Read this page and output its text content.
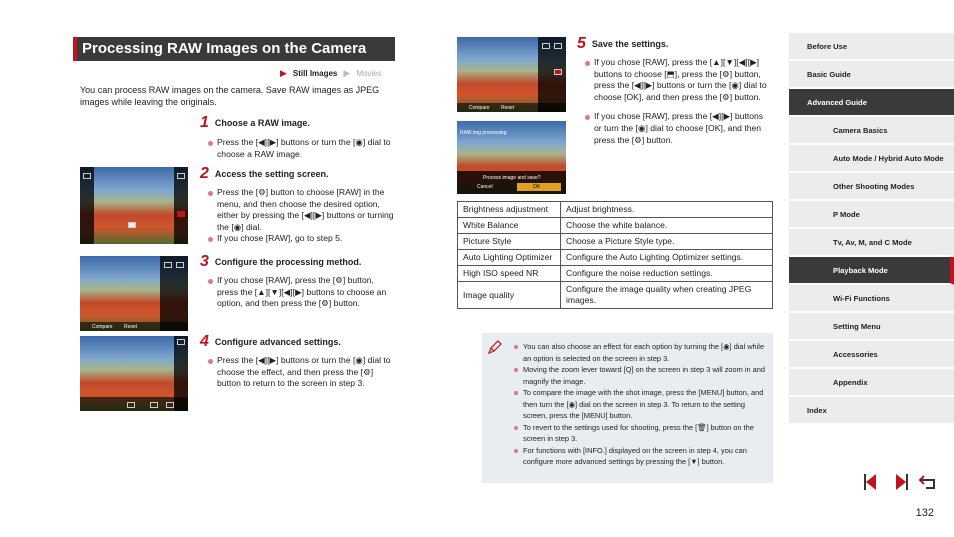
Processing RAW Images on the Camera
▶ Still Images ▶ Movies
You can process RAW images on the camera. Save RAW images as JPEG images while leaving the originals.
1 Choose a RAW image.
Press the [◀][▶] buttons or turn the [◉] dial to choose a RAW image.
2 Access the setting screen.
Press the [⚙] button to choose [RAW] in the menu, and then choose the desired option, either by pressing the [◀][▶] buttons or turning the [◉] dial.
If you chose [RAW], go to step 5.
3 Configure the processing method.
If you chose [RAW], press the [⚙] button, press the [▲][▼][◀][▶] buttons to choose an option, and then press the [⚙] button.
4 Configure advanced settings.
Press the [◀][▶] buttons or turn the [◉] dial to choose the effect, and then press the [⚙] button to return to the screen in step 3.
5 Save the settings.
If you chose [RAW], press the [▲][▼][◀][▶] buttons to choose [⬒], press the [⚙] button, press the [◀][▶] buttons or turn the [◉] dial to choose [OK], and then press the [⚙] button.
If you chose [RAW], press the [◀][▶] buttons or turn the [◉] dial to choose [OK], and then press the [⚙] button.
Compare Reset
Compare Reset
RAW img processing
Process image and save?
Cancel	OK
Brightness adjustment	Adjust brightness.
White Balance	Choose the white balance.
Picture Style	Choose a Picture Style type.
Auto Lighting Optimizer	Configure the Auto Lighting Optimizer settings.
High ISO speed NR	Configure the noise reduction settings.
Image quality	Configure the image quality when creating JPEG images.
You can also choose an effect for each option by turning the [◉] dial while an option is selected on the screen in step 3.
Moving the zoom lever toward [Q] on the screen in step 3 will zoom in and magnify the image.
To compare the image with the shot image, press the [MENU] button, and then turn the [◉] dial on the screen in step 3. To return to the setting screen, press the [MENU] button.
To revert to the settings used for shooting, press the [🗑] button on the screen in step 3.
For functions with [INFO.] displayed on the screen in step 4, you can configure more advanced settings by pressing the [▼] button.
Before Use
Basic Guide
Advanced Guide
Camera Basics
Auto Mode / Hybrid Auto Mode
Other Shooting Modes
P Mode
Tv, Av, M, and C Mode
Playback Mode
Wi-Fi Functions
Setting Menu
Accessories
Appendix
Index
132
